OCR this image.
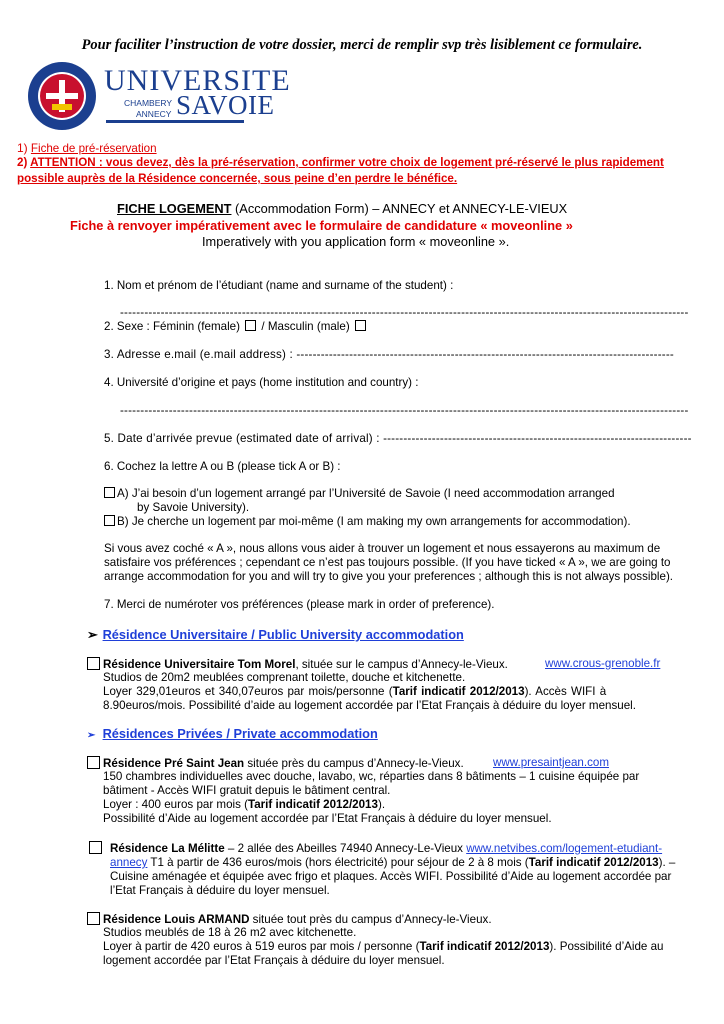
Pour faciliter l’instruction de votre dossier, merci de remplir svp très lisiblement ce formulaire.
UNIVERSITE
CHAMBERY
ANNECY SAVOIE
1) Fiche de pré-réservation
2) ATTENTION : vous devez, dès la pré-réservation, confirmer votre choix de logement pré-réservé le plus rapidement
possible auprès de la Résidence concernée, sous peine d’en perdre le bénéfice.
FICHE LOGEMENT (Accommodation Form) – ANNECY et ANNECY-LE-VIEUX
Fiche à renvoyer impérativement avec le formulaire de candidature « moveonline »
Imperatively with you application form « moveonline ».
1. Nom et prénom de l’étudiant (name and surname of the student) :
--------------------------------------------------------------------------------------------------------------------------------------------
2. Sexe : Féminin (female)  / Masculin (male)
3. Adresse e.mail (e.mail address) : ---------------------------------------------------------------------------------------------
4. Université d’origine et pays (home institution and country) :
--------------------------------------------------------------------------------------------------------------------------------------------
5. Date d’arrivée prevue (estimated date of arrival) : ----------------------------------------------------------------------------
6. Cochez la lettre A ou B (please tick A or B) :
A) J’ai besoin d’un logement arrangé par l’Université de Savoie (I need accommodation arranged
by Savoie University).
B) Je cherche un logement par moi-même (I am making my own arrangements for accommodation).
Si vous avez coché « A », nous allons vous aider à trouver un logement et nous essayerons au maximum de
satisfaire vos préférences ; cependant ce n’est pas toujours possible. (If you have ticked « A », we are going to
arrange accommodation for you and will try to give you your preferences ; although this is not always possible).
7. Merci de numéroter vos préférences (please mark in order of preference).
➢ Résidence Universitaire / Public University accommodation
Résidence Universitaire Tom Morel, située sur le campus d’Annecy-le-Vieux.	www.crous-grenoble.fr
Studios de 20m2 meublées comprenant toilette, douche et kitchenette.
Loyer 329,01euros et 340,07euros par mois/personne (Tarif indicatif 2012/2013). Accès WIFI à
8.90euros/mois. Possibilité d’aide au logement accordée par l’Etat Français à déduire du loyer mensuel.
➢ Résidences Privées / Private accommodation
Résidence Pré Saint Jean située près du campus d’Annecy-le-Vieux.	www.presaintjean.com
150 chambres individuelles avec douche, lavabo, wc, réparties dans 8 bâtiments – 1 cuisine équipée par
bâtiment - Accès WIFI gratuit depuis le bâtiment central.
Loyer : 400 euros par mois (Tarif indicatif 2012/2013).
Possibilité d’Aide au logement accordée par l’Etat Français à déduire du loyer mensuel.
Résidence La Mélitte – 2 allée des Abeilles 74940 Annecy-Le-Vieux www.netvibes.com/logement-etudiant-
annecy T1 à partir de 436 euros/mois (hors électricité) pour séjour de 2 à 8 mois (Tarif indicatif 2012/2013). –
Cuisine aménagée et équipée avec frigo et plaques. Accès WIFI. Possibilité d’Aide au logement accordée par
l’Etat Français à déduire du loyer mensuel.
Résidence Louis ARMAND située tout près du campus d’Annecy-le-Vieux.
Studios meublés de 18 à 26 m2 avec kitchenette.
Loyer à partir de 420 euros à 519 euros par mois / personne (Tarif indicatif 2012/2013). Possibilité d’Aide au
logement accordée par l’Etat Français à déduire du loyer mensuel.
